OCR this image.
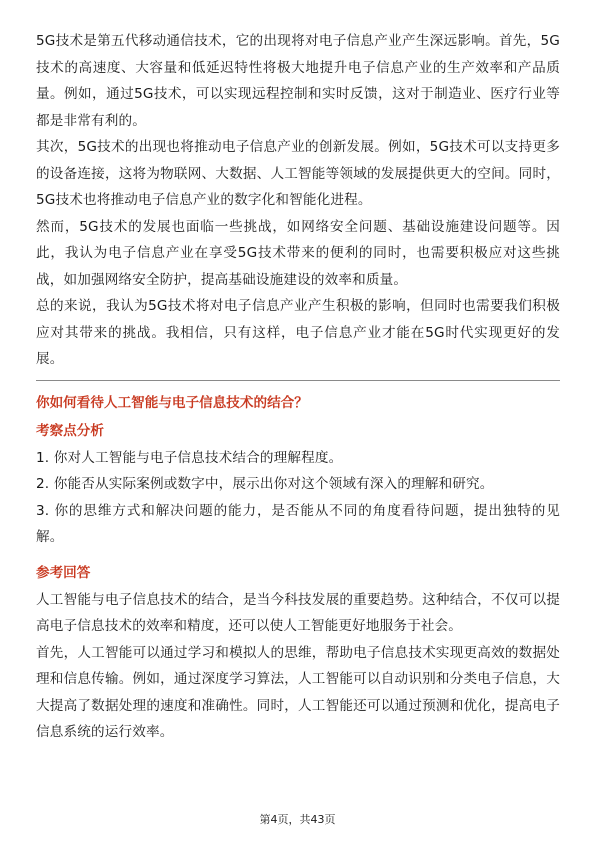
5G技术是第五代移动通信技术，它的出现将对电子信息产业产生深远影响。首先，5G技术的高速度、大容量和低延迟特性将极大地提升电子信息产业的生产效率和产品质量。例如，通过5G技术，可以实现远程控制和实时反馈，这对于制造业、医疗行业等都是非常有利的。

其次，5G技术的出现也将推动电子信息产业的创新发展。例如，5G技术可以支持更多的设备连接，这将为物联网、大数据、人工智能等领域的发展提供更大的空间。同时，5G技术也将推动电子信息产业的数字化和智能化进程。

然而，5G技术的发展也面临一些挑战，如网络安全问题、基础设施建设问题等。因此，我认为电子信息产业在享受5G技术带来的便利的同时，也需要积极应对这些挑战，如加强网络安全防护，提高基础设施建设的效率和质量。

总的来说，我认为5G技术将对电子信息产业产生积极的影响，但同时也需要我们积极应对其带来的挑战。我相信，只有这样，电子信息产业才能在5G时代实现更好的发展。

你如何看待人工智能与电子信息技术的结合？
考察点分析

1. 你对人工智能与电子信息技术结合的理解程度。

2. 你能否从实际案例或数字中，展示出你对这个领域有深入的理解和研究。

3. 你的思维方式和解决问题的能力，是否能从不同的角度看待问题，提出独特的见解。

参考回答

人工智能与电子信息技术的结合，是当今科技发展的重要趋势。这种结合，不仅可以提高电子信息技术的效率和精度，还可以使人工智能更好地服务于社会。

首先，人工智能可以通过学习和模拟人的思维，帮助电子信息技术实现更高效的数据处理和信息传输。例如，通过深度学习算法，人工智能可以自动识别和分类电子信息，大大提高了数据处理的速度和准确性。同时，人工智能还可以通过预测和优化，提高电子信息系统的运行效率。

第4页，共43页
